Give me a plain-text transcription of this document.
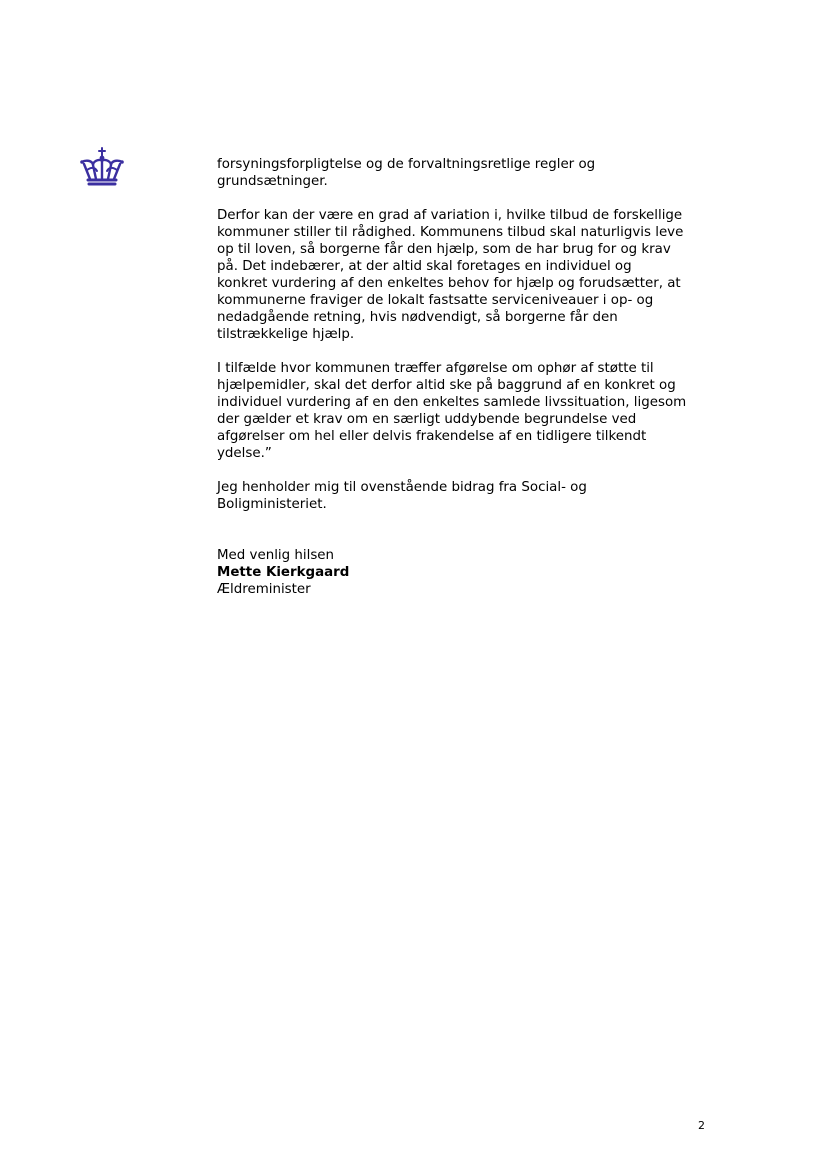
forsyningsforpligtelse og de forvaltningsretlige regler og
grundsætninger.

Derfor kan der være en grad af variation i, hvilke tilbud de forskellige
kommuner stiller til rådighed. Kommunens tilbud skal naturligvis leve
op til loven, så borgerne får den hjælp, som de har brug for og krav
på. Det indebærer, at der altid skal foretages en individuel og
konkret vurdering af den enkeltes behov for hjælp og forudsætter, at
kommunerne fraviger de lokalt fastsatte serviceniveauer i op- og
nedadgående retning, hvis nødvendigt, så borgerne får den
tilstrækkelige hjælp.

I tilfælde hvor kommunen træffer afgørelse om ophør af støtte til
hjælpemidler, skal det derfor altid ske på baggrund af en konkret og
individuel vurdering af en den enkeltes samlede livssituation, ligesom
der gælder et krav om en særligt uddybende begrundelse ved
afgørelser om hel eller delvis frakendelse af en tidligere tilkendt
ydelse.”

Jeg henholder mig til ovenstående bidrag fra Social- og
Boligministeriet.

Med venlig hilsen
Mette Kierkgaard
Ældreminister
2
